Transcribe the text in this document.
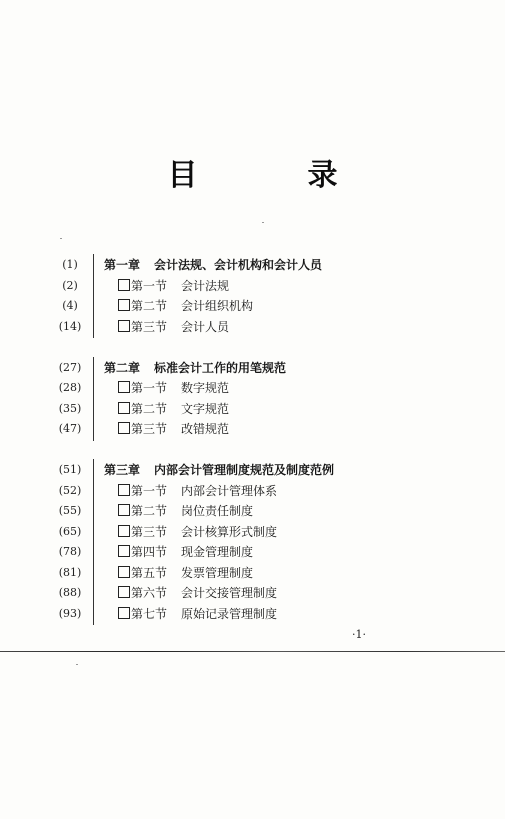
目　录
(1)	第一章 会计法规、会计机构和会计人员
(2)	第一节 会计法规
(4)	第二节 会计组织机构
(14)	第三节 会计人员
(27)	第二章 标准会计工作的用笔规范
(28)	第一节 数字规范
(35)	第二节 文字规范
(47)	第三节 改错规范
(51)	第三章 内部会计管理制度规范及制度范例
(52)	第一节 内部会计管理体系
(55)	第二节 岗位责任制度
(65)	第三节 会计核算形式制度
(78)	第四节 现金管理制度
(81)	第五节 发票管理制度
(88)	第六节 会计交接管理制度
(93)	第七节 原始记录管理制度
·1·
